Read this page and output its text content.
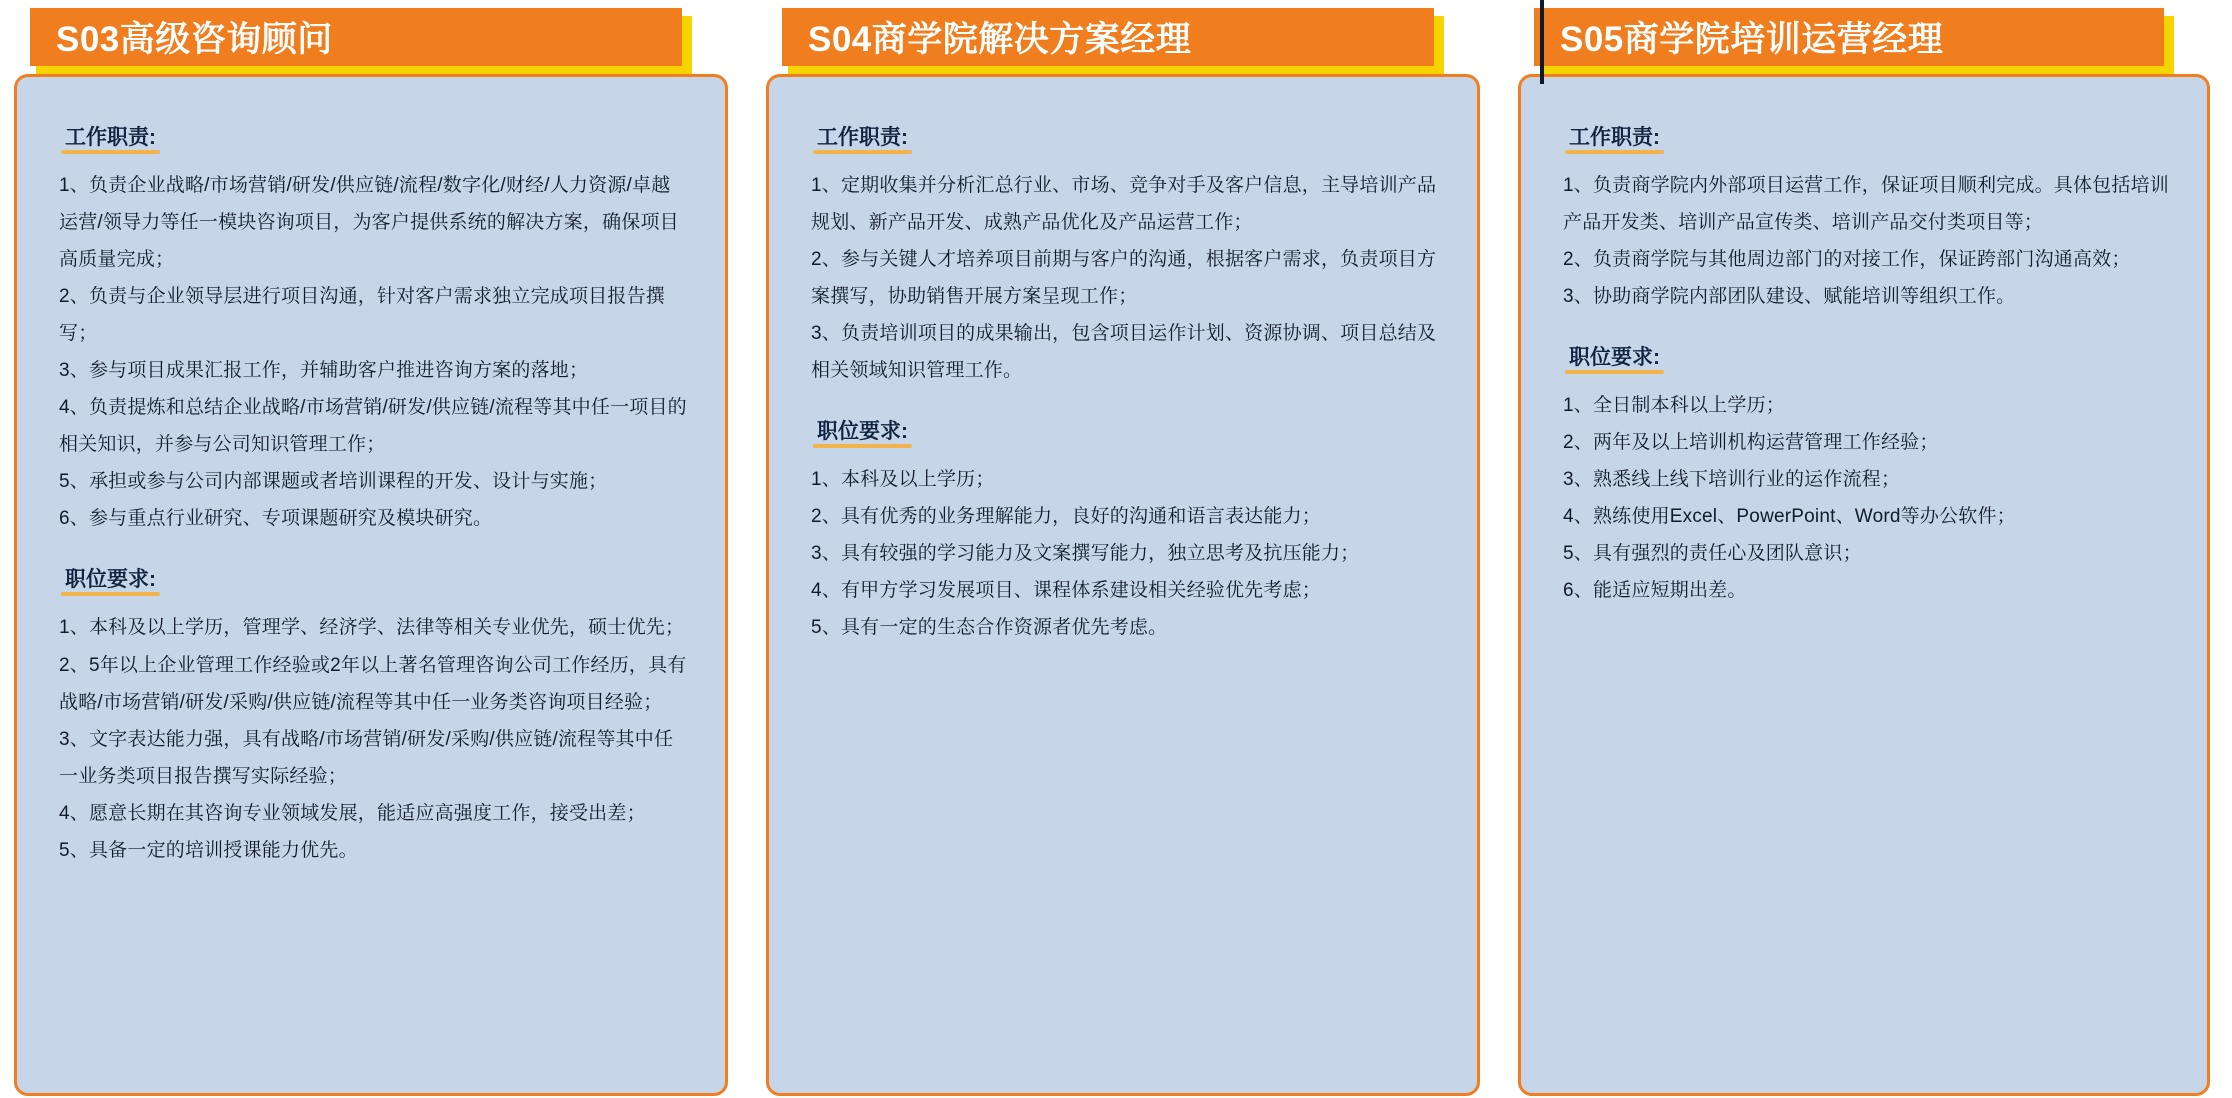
S03高级咨询顾问
工作职责:

1、负责企业战略/市场营销/研发/供应链/流程/数字化/财经/人力资源/卓越运营/领导力等任一模块咨询项目，为客户提供系统的解决方案，确保项目高质量完成；

2、负责与企业领导层进行项目沟通，针对客户需求独立完成项目报告撰写；

3、参与项目成果汇报工作，并辅助客户推进咨询方案的落地；

4、负责提炼和总结企业战略/市场营销/研发/供应链/流程等其中任一项目的相关知识，并参与公司知识管理工作；

5、承担或参与公司内部课题或者培训课程的开发、设计与实施；

6、参与重点行业研究、专项课题研究及模块研究。

职位要求:

1、本科及以上学历，管理学、经济学、法律等相关专业优先，硕士优先；

2、5年以上企业管理工作经验或2年以上著名管理咨询公司工作经历，具有战略/市场营销/研发/采购/供应链/流程等其中任一业务类咨询项目经验；

3、文字表达能力强，具有战略/市场营销/研发/采购/供应链/流程等其中任一业务类项目报告撰写实际经验；

4、愿意长期在其咨询专业领域发展，能适应高强度工作，接受出差；

5、具备一定的培训授课能力优先。

S04商学院解决方案经理
工作职责:

1、定期收集并分析汇总行业、市场、竞争对手及客户信息，主导培训产品规划、新产品开发、成熟产品优化及产品运营工作；

2、参与关键人才培养项目前期与客户的沟通，根据客户需求，负责项目方案撰写，协助销售开展方案呈现工作；

3、负责培训项目的成果输出，包含项目运作计划、资源协调、项目总结及相关领域知识管理工作。

职位要求:

1、本科及以上学历；

2、具有优秀的业务理解能力，良好的沟通和语言表达能力；

3、具有较强的学习能力及文案撰写能力，独立思考及抗压能力；

4、有甲方学习发展项目、课程体系建设相关经验优先考虑；

5、具有一定的生态合作资源者优先考虑。

S05商学院培训运营经理
工作职责:

1、负责商学院内外部项目运营工作，保证项目顺利完成。具体包括培训产品开发类、培训产品宣传类、培训产品交付类项目等；

2、负责商学院与其他周边部门的对接工作，保证跨部门沟通高效；

3、协助商学院内部团队建设、赋能培训等组织工作。

职位要求:

1、全日制本科以上学历；

2、两年及以上培训机构运营管理工作经验；

3、熟悉线上线下培训行业的运作流程；

4、熟练使用Excel、PowerPoint、Word等办公软件；

5、具有强烈的责任心及团队意识；

6、能适应短期出差。
